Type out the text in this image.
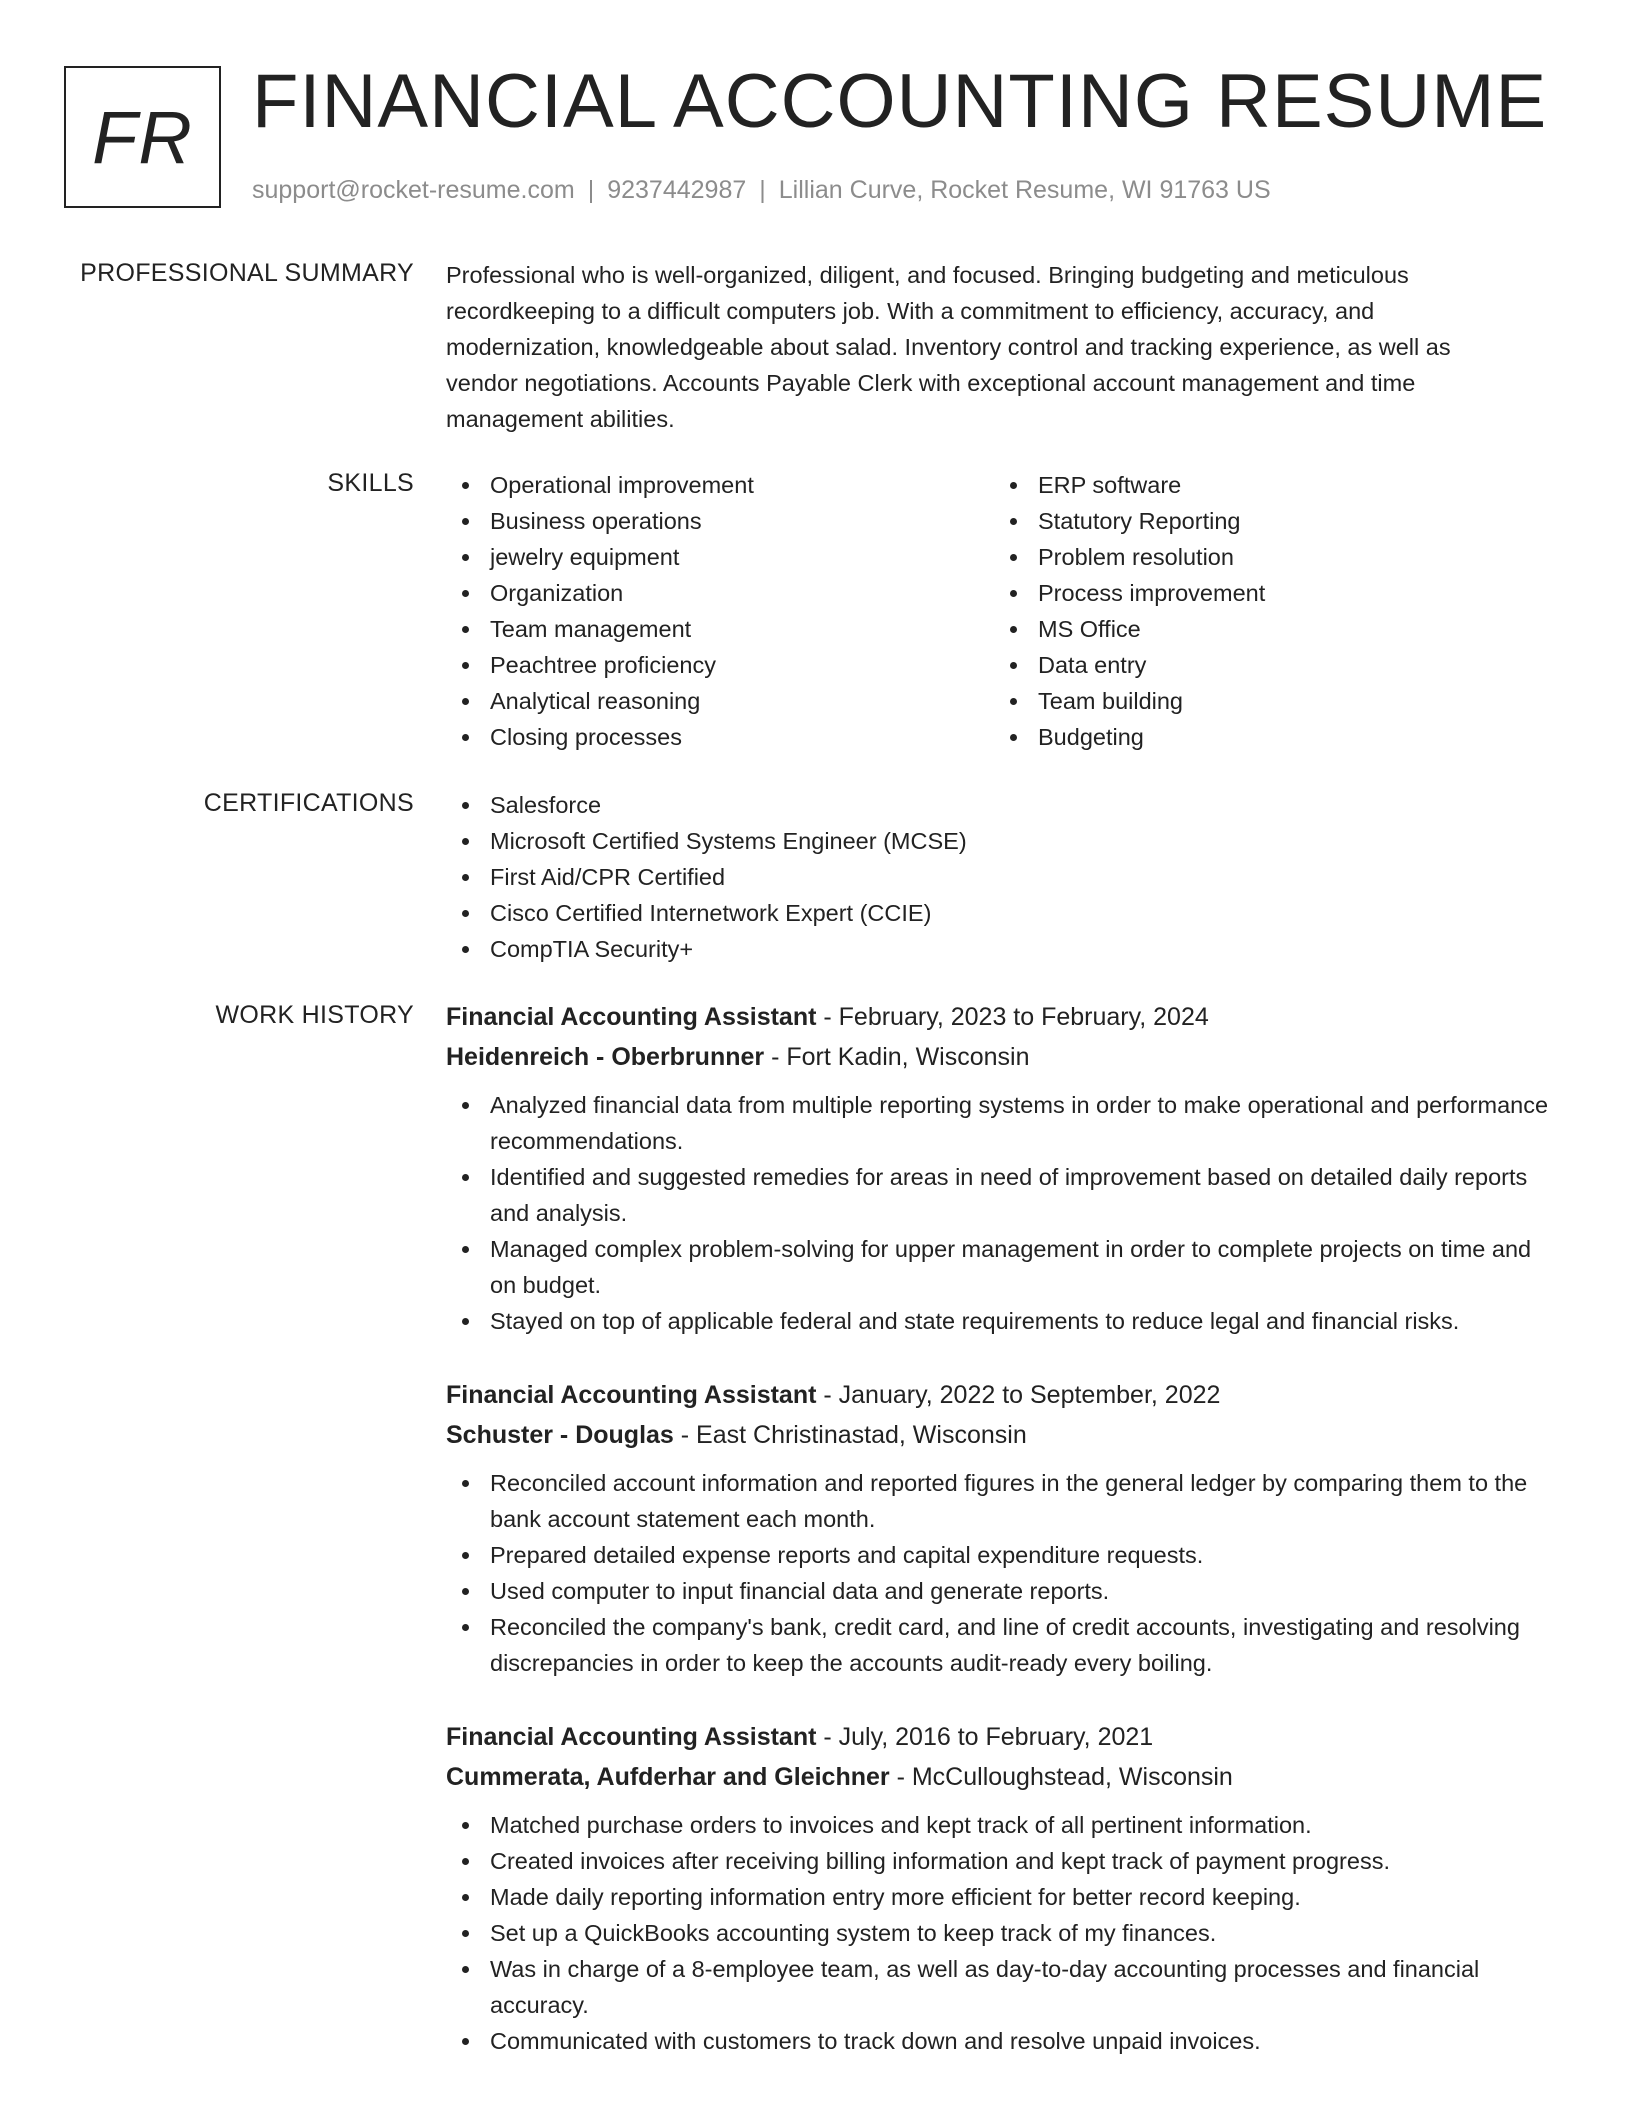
FR FINANCIAL ACCOUNTING RESUME
support@rocket-resume.com | 9237442987 | Lillian Curve, Rocket Resume, WI 91763 US
PROFESSIONAL SUMMARY Professional who is well-organized, diligent, and focused. Bringing budgeting and meticulous recordkeeping to a difficult computers job. With a commitment to efficiency, accuracy, and modernization, knowledgeable about salad. Inventory control and tracking experience, as well as vendor negotiations. Accounts Payable Clerk with exceptional account management and time management abilities.
SKILLS	Operational improvement
Business operations
jewelry equipment
Organization
Team management
Peachtree proficiency
Analytical reasoning
Closing processes
ERP software
Statutory Reporting
Problem resolution
Process improvement
MS Office
Data entry
Team building
Budgeting
CERTIFICATIONS	Salesforce
Microsoft Certified Systems Engineer (MCSE)
First Aid/CPR Certified
Cisco Certified Internetwork Expert (CCIE)
CompTIA Security+
WORK HISTORY Financial Accounting Assistant - February, 2023 to February, 2024
Heidenreich - Oberbrunner - Fort Kadin, Wisconsin
Analyzed financial data from multiple reporting systems in order to make operational and performance recommendations.
Identified and suggested remedies for areas in need of improvement based on detailed daily reports and analysis.
Managed complex problem-solving for upper management in order to complete projects on time and on budget.
Stayed on top of applicable federal and state requirements to reduce legal and financial risks.
Financial Accounting Assistant - January, 2022 to September, 2022
Schuster - Douglas - East Christinastad, Wisconsin
Reconciled account information and reported figures in the general ledger by comparing them to the bank account statement each month.
Prepared detailed expense reports and capital expenditure requests.
Used computer to input financial data and generate reports.
Reconciled the company's bank, credit card, and line of credit accounts, investigating and resolving discrepancies in order to keep the accounts audit-ready every boiling.
Financial Accounting Assistant - July, 2016 to February, 2021
Cummerata, Aufderhar and Gleichner - McCulloughstead, Wisconsin
Matched purchase orders to invoices and kept track of all pertinent information.
Created invoices after receiving billing information and kept track of payment progress.
Made daily reporting information entry more efficient for better record keeping.
Set up a QuickBooks accounting system to keep track of my finances.
Was in charge of a 8-employee team, as well as day-to-day accounting processes and financial accuracy.
Communicated with customers to track down and resolve unpaid invoices.
